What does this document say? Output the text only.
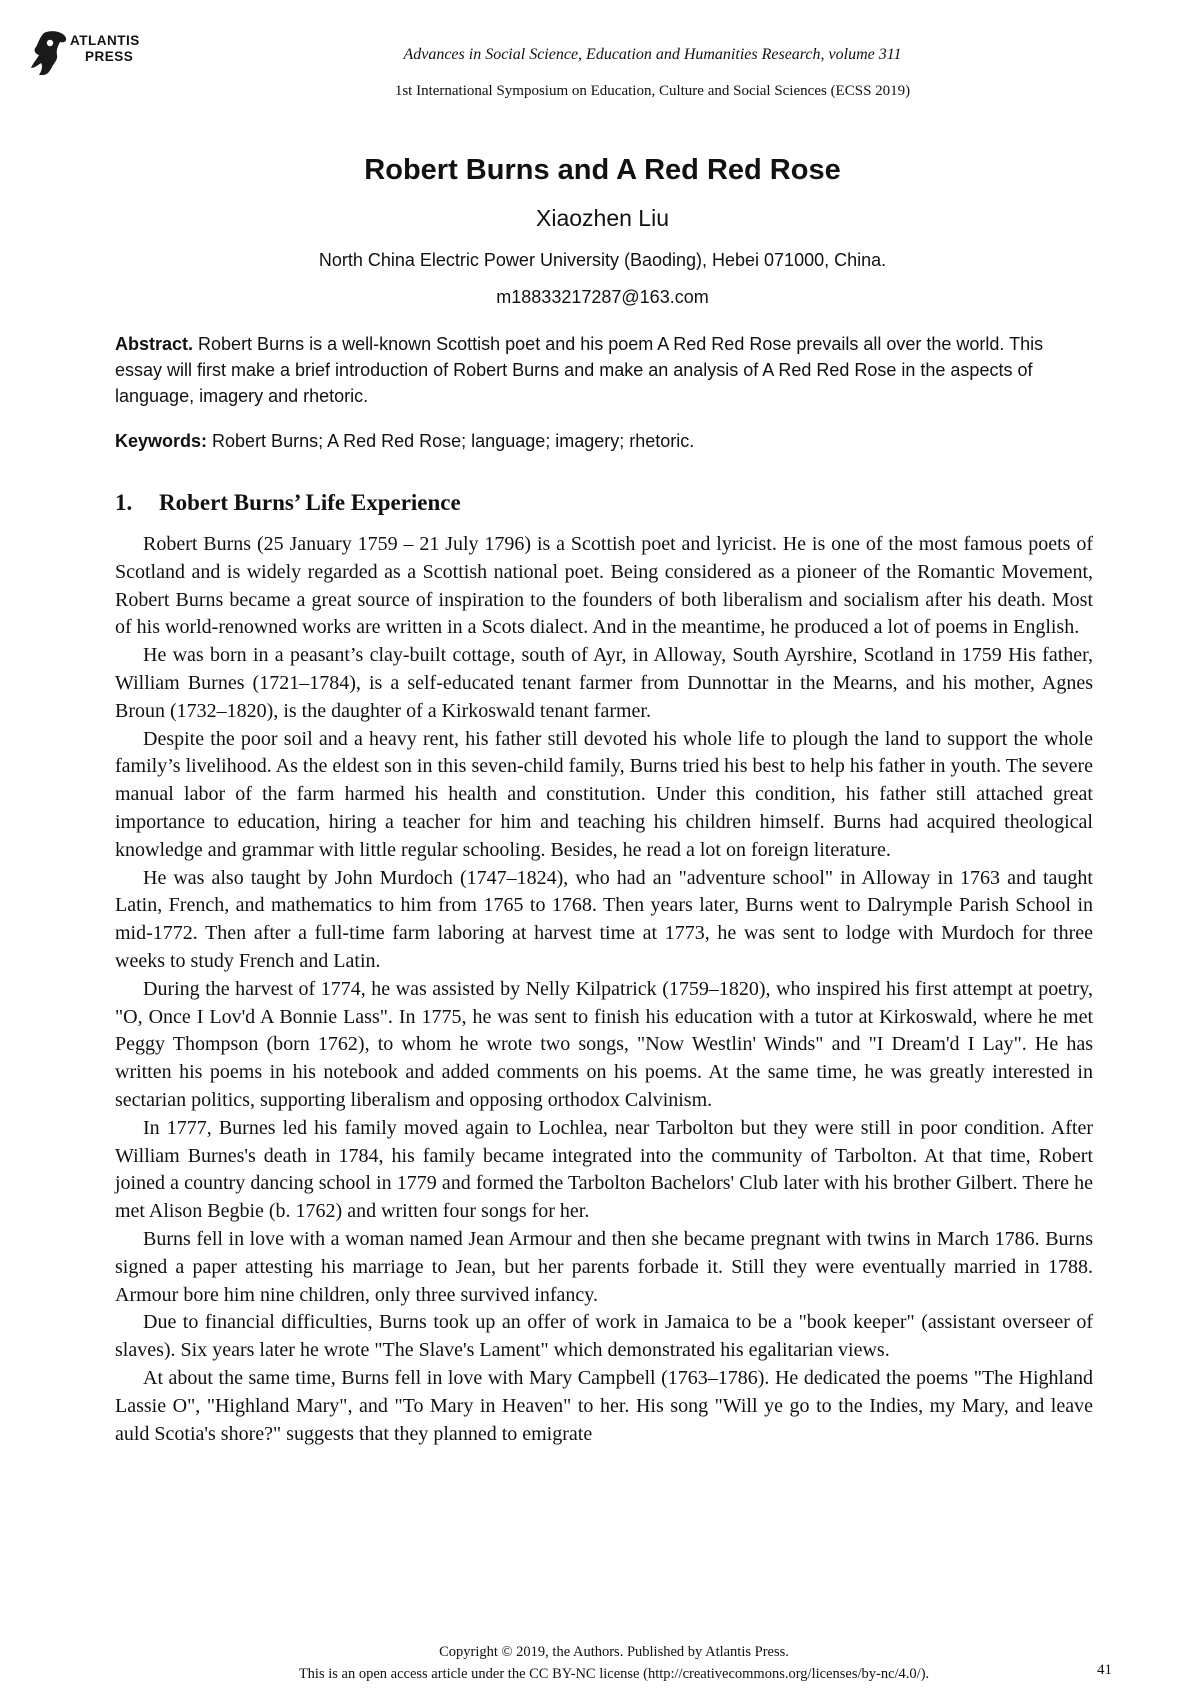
ATLANTIS
PRESS	Advances in Social Science, Education and Humanities Research, volume 311
1st International Symposium on Education, Culture and Social Sciences (ECSS 2019)
Robert Burns and A Red Red Rose
Xiaozhen Liu
North China Electric Power University (Baoding), Hebei 071000, China.
m18833217287@163.com
Abstract. Robert Burns is a well-known Scottish poet and his poem A Red Red Rose prevails all over the world. This essay will first make a brief introduction of Robert Burns and make an analysis of A Red Red Rose in the aspects of language, imagery and rhetoric.
Keywords: Robert Burns; A Red Red Rose; language; imagery; rhetoric.
1. Robert Burns’ Life Experience

Robert Burns (25 January 1759 – 21 July 1796) is a Scottish poet and lyricist. He is one of the most famous poets of Scotland and is widely regarded as a Scottish national poet. Being considered as a pioneer of the Romantic Movement, Robert Burns became a great source of inspiration to the founders of both liberalism and socialism after his death. Most of his world-renowned works are written in a Scots dialect. And in the meantime, he produced a lot of poems in English.

He was born in a peasant’s clay-built cottage, south of Ayr, in Alloway, South Ayrshire, Scotland in 1759 His father, William Burnes (1721–1784), is a self-educated tenant farmer from Dunnottar in the Mearns, and his mother, Agnes Broun (1732–1820), is the daughter of a Kirkoswald tenant farmer.

Despite the poor soil and a heavy rent, his father still devoted his whole life to plough the land to support the whole family’s livelihood. As the eldest son in this seven-child family, Burns tried his best to help his father in youth. The severe manual labor of the farm harmed his health and constitution. Under this condition, his father still attached great importance to education, hiring a teacher for him and teaching his children himself. Burns had acquired theological knowledge and grammar with little regular schooling. Besides, he read a lot on foreign literature.

He was also taught by John Murdoch (1747–1824), who had an "adventure school" in Alloway in 1763 and taught Latin, French, and mathematics to him from 1765 to 1768. Then years later, Burns went to Dalrymple Parish School in mid-1772. Then after a full-time farm laboring at harvest time at 1773, he was sent to lodge with Murdoch for three weeks to study French and Latin.

During the harvest of 1774, he was assisted by Nelly Kilpatrick (1759–1820), who inspired his first attempt at poetry, "O, Once I Lov'd A Bonnie Lass". In 1775, he was sent to finish his education with a tutor at Kirkoswald, where he met Peggy Thompson (born 1762), to whom he wrote two songs, "Now Westlin' Winds" and "I Dream'd I Lay". He has written his poems in his notebook and added comments on his poems. At the same time, he was greatly interested in sectarian politics, supporting liberalism and opposing orthodox Calvinism.

In 1777, Burnes led his family moved again to Lochlea, near Tarbolton but they were still in poor condition. After William Burnes's death in 1784, his family became integrated into the community of Tarbolton. At that time, Robert joined a country dancing school in 1779 and formed the Tarbolton Bachelors' Club later with his brother Gilbert. There he met Alison Begbie (b. 1762) and written four songs for her.

Burns fell in love with a woman named Jean Armour and then she became pregnant with twins in March 1786. Burns signed a paper attesting his marriage to Jean, but her parents forbade it. Still they were eventually married in 1788. Armour bore him nine children, only three survived infancy.

Due to financial difficulties, Burns took up an offer of work in Jamaica to be a "book keeper" (assistant overseer of slaves). Six years later he wrote "The Slave's Lament" which demonstrated his egalitarian views.

At about the same time, Burns fell in love with Mary Campbell (1763–1786). He dedicated the poems "The Highland Lassie O", "Highland Mary", and "To Mary in Heaven" to her. His song "Will ye go to the Indies, my Mary, and leave auld Scotia's shore?" suggests that they planned to emigrate

Copyright © 2019, the Authors. Published by Atlantis Press.
This is an open access article under the CC BY-NC license (http://creativecommons.org/licenses/by-nc/4.0/).	41
